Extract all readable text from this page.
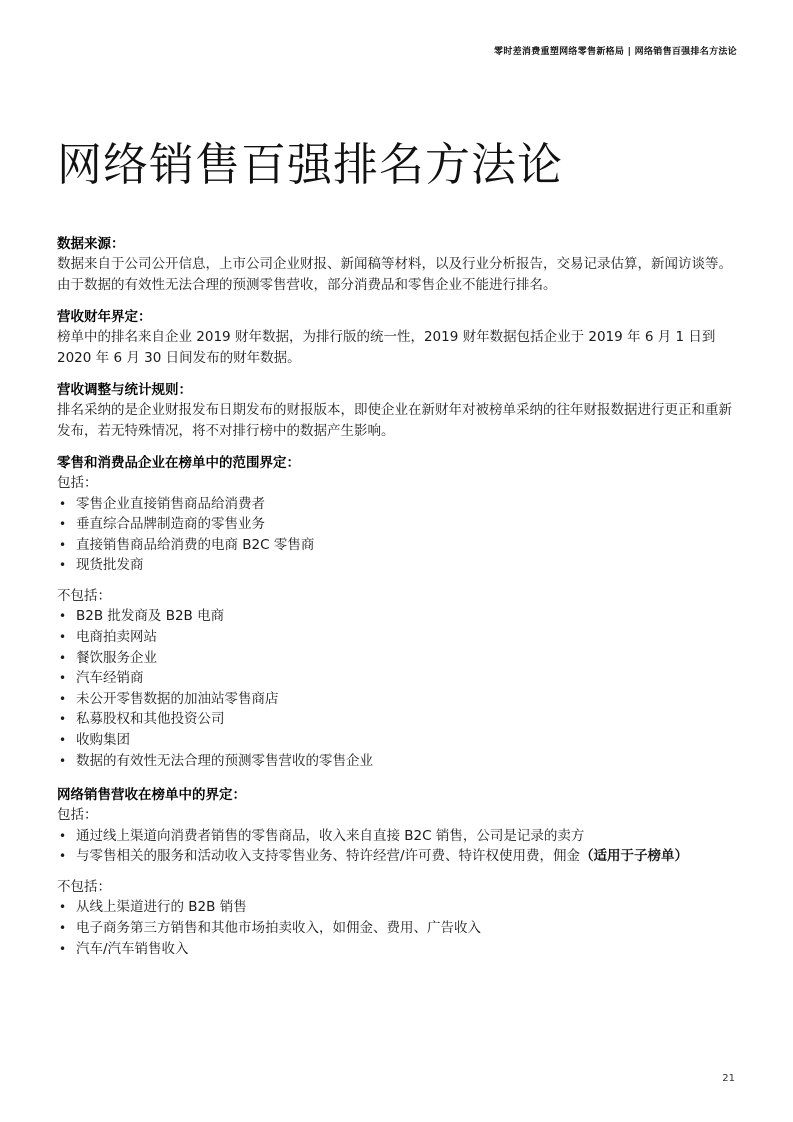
零时差消费重塑网络零售新格局 | 网络销售百强排名方法论
网络销售百强排名方法论
数据来源：

数据来自于公司公开信息，上市公司企业财报、新闻稿等材料，以及行业分析报告，交易记录估算，新闻访谈等。由于数据的有效性无法合理的预测零售营收，部分消费品和零售企业不能进行排名。

营收财年界定：

榜单中的排名来自企业 2019 财年数据，为排行版的统一性，2019 财年数据包括企业于 2019 年 6 月 1 日到 2020 年 6 月 30 日间发布的财年数据。

营收调整与统计规则：

排名采纳的是企业财报发布日期发布的财报版本，即使企业在新财年对被榜单采纳的往年财报数据进行更正和重新发布，若无特殊情况，将不对排行榜中的数据产生影响。

零售和消费品企业在榜单中的范围界定：
包括：
• 零售企业直接销售商品给消费者
• 垂直综合品牌制造商的零售业务
• 直接销售商品给消费的电商 B2C 零售商
• 现货批发商
不包括：
• B2B 批发商及 B2B 电商
• 电商拍卖网站
• 餐饮服务企业
• 汽车经销商
• 未公开零售数据的加油站零售商店
• 私募股权和其他投资公司
• 收购集团
• 数据的有效性无法合理的预测零售营收的零售企业
网络销售营收在榜单中的界定：
包括：
• 通过线上渠道向消费者销售的零售商品，收入来自直接 B2C 销售，公司是记录的卖方
• 与零售相关的服务和活动收入支持零售业务、特许经营/许可费、特许权使用费，佣金（适用于子榜单）
不包括：
• 从线上渠道进行的 B2B 销售
• 电子商务第三方销售和其他市场拍卖收入，如佣金、费用、广告收入
• 汽车/汽车销售收入
21
